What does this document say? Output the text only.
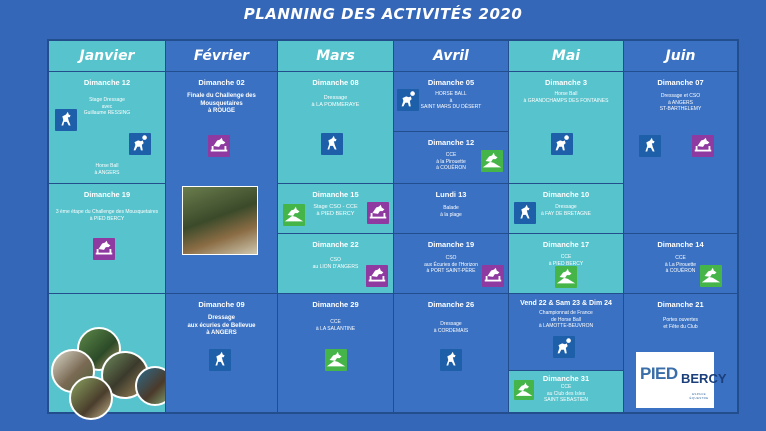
PLANNING DES ACTIVITÉS 2020
Janvier	Février	Mars	Avril	Mai	Juin
Dimanche 12
Stage Dressage
avec
Guillaume RESSING
Horse Ball
à ANGERS
Dimanche 19
3 ème étape du Challenge des Mousquetaires
à PIED BERCY
Dimanche 02
Finale du Challenge des
Mousquetaires
à ROUGE
Dimanche 09
Dressage
aux écuries de Bellevue
à ANGERS
Dimanche 08
Dressage
à LA POMMERAYE
Dimanche 15
Stage CSO - CCE
à PIED BERCY
Dimanche 22
CSO
au LION D'ANGERS
Dimanche 29
CCE
à LA SALANTINE
Dimanche 05
HORSE BALL
à
SAINT MARS DU DÉSERT
Dimanche 12
CCE
à la Pirouette
à COUËRON
Lundi 13
Balade
à la plage
Dimanche 19
CSO
aux Écuries de l'Horizon
à PORT SAINT-PÈRE
Dimanche 26
Dressage
à CORDEMAIS
Dimanche 3
Horse Ball
à GRANDCHAMPS DES FONTAINES
Dimanche 10
Dressage
à FAY DE BRETAGNE
Dimanche 17
CCE
à PIED BERCY
Vend 22 & Sam 23 & Dim 24
Championnat de France
de Horse Ball
à LAMOTTE-BEUVRON
Dimanche 31
CCE
au Club des Isles
SAINT SEBASTIEN
Dimanche 07
Dressage et CSO
à ANGERS
ST-BARTHELEMY
Dimanche 14
CCE
à La Pirouette
à COUËRON
Dimanche 21
Portes ouvertes
et Fête du Club
PIED BERCY
ESPACE ÉQUESTRE
